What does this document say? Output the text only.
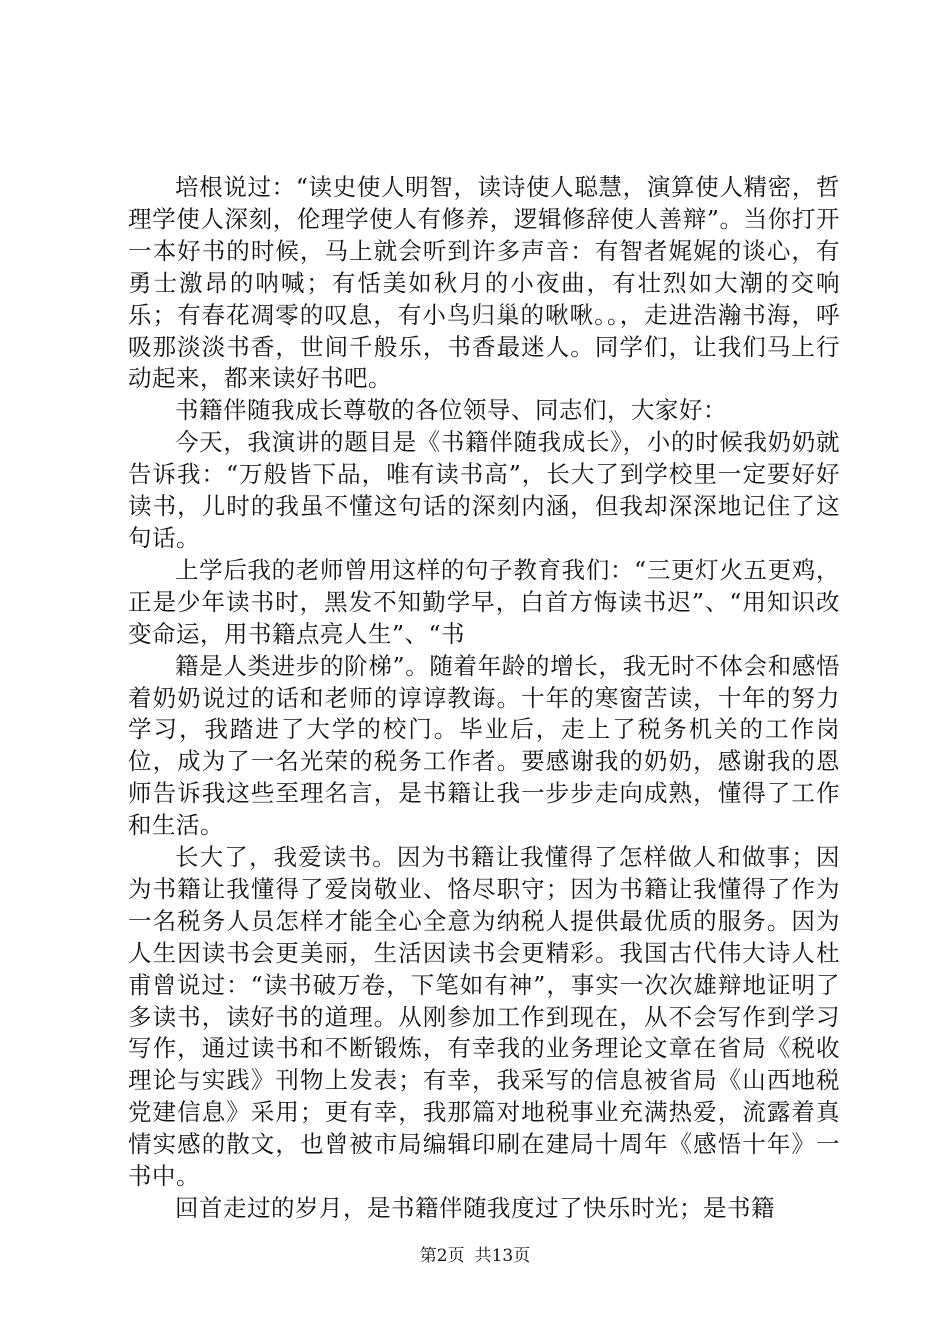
培根说过：“读史使人明智，读诗使人聪慧，演算使人精密，哲理学使人深刻，伦理学使人有修养，逻辑修辞使人善辩”。当你打开一本好书的时候，马上就会听到许多声音：有智者娓娓的谈心，有勇士激昂的呐喊；有恬美如秋月的小夜曲，有壮烈如大潮的交响乐；有春花凋零的叹息，有小鸟归巢的啾啾。。，走进浩瀚书海，呼吸那淡淡书香，世间千般乐，书香最迷人。同学们，让我们马上行动起来，都来读好书吧。

书籍伴随我成长尊敬的各位领导、同志们，大家好：

今天，我演讲的题目是《书籍伴随我成长》，小的时候我奶奶就告诉我：“万般皆下品，唯有读书高”，长大了到学校里一定要好好读书，儿时的我虽不懂这句话的深刻内涵，但我却深深地记住了这句话。

上学后我的老师曾用这样的句子教育我们：“三更灯火五更鸡，正是少年读书时，黑发不知勤学早，白首方悔读书迟”、“用知识改变命运，用书籍点亮人生”、“书

籍是人类进步的阶梯”。随着年龄的增长，我无时不体会和感悟着奶奶说过的话和老师的谆谆教诲。十年的寒窗苦读，十年的努力学习，我踏进了大学的校门。毕业后，走上了税务机关的工作岗位，成为了一名光荣的税务工作者。要感谢我的奶奶，感谢我的恩师告诉我这些至理名言，是书籍让我一步步走向成熟，懂得了工作和生活。

长大了，我爱读书。因为书籍让我懂得了怎样做人和做事；因为书籍让我懂得了爱岗敬业、恪尽职守；因为书籍让我懂得了作为一名税务人员怎样才能全心全意为纳税人提供最优质的服务。因为人生因读书会更美丽，生活因读书会更精彩。我国古代伟大诗人杜甫曾说过：“读书破万卷，下笔如有神”，事实一次次雄辩地证明了多读书，读好书的道理。从刚参加工作到现在，从不会写作到学习写作，通过读书和不断锻炼，有幸我的业务理论文章在省局《税收理论与实践》刊物上发表；有幸，我采写的信息被省局《山西地税党建信息》采用；更有幸，我那篇对地税事业充满热爱，流露着真情实感的散文，也曾被市局编辑印刷在建局十周年《感悟十年》一书中。

回首走过的岁月，是书籍伴随我度过了快乐时光；是书籍

第2页 共13页
